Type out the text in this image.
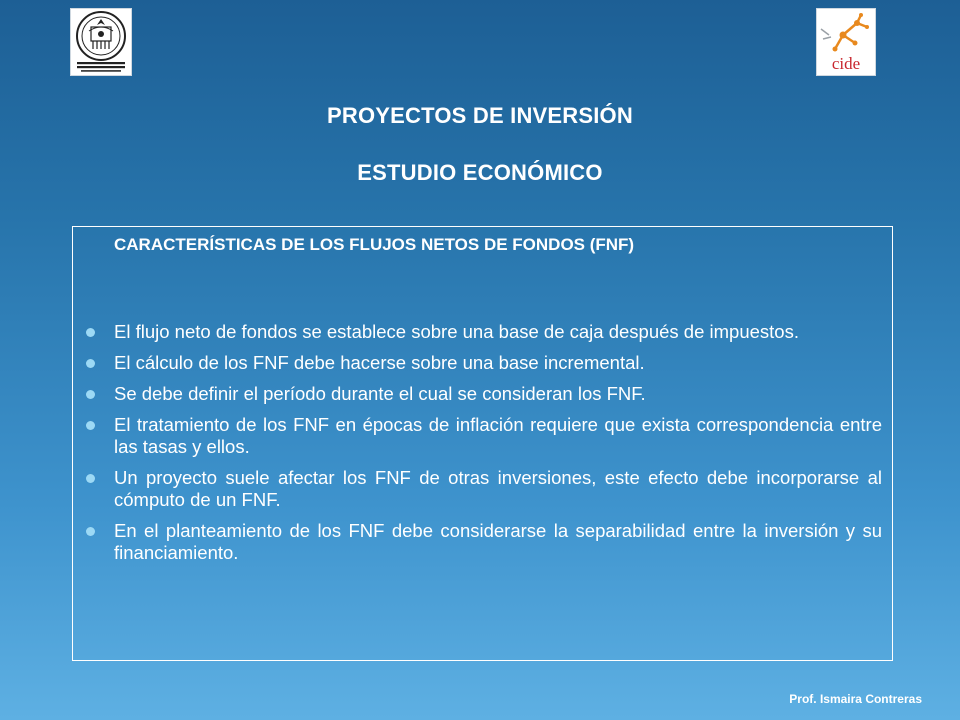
cide
PROYECTOS DE INVERSIÓN
ESTUDIO ECONÓMICO
CARACTERÍSTICAS DE LOS FLUJOS NETOS DE FONDOS (FNF)
El flujo neto de fondos se establece sobre una base de caja después de impuestos.
El cálculo de los FNF debe hacerse sobre una base incremental.
Se debe definir el período durante el cual se consideran los FNF.
El tratamiento de los FNF en épocas de inflación requiere que exista correspondencia entre las tasas y ellos.
Un proyecto suele afectar los FNF de otras inversiones, este efecto debe incorporarse al cómputo de un FNF.
En el planteamiento de los FNF debe considerarse la separabilidad entre la inversión y su financiamiento.
Prof. Ismaira Contreras
